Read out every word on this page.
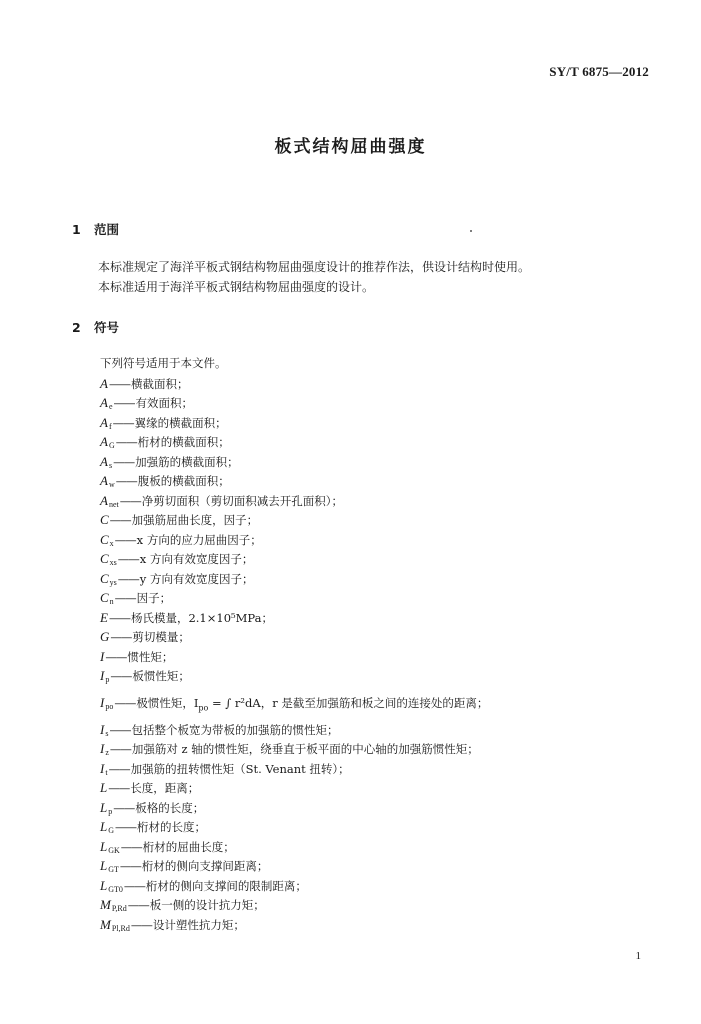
SY/T 6875—2012
板式结构屈曲强度
1 范围
本标准规定了海洋平板式钢结构物屈曲强度设计的推荐作法，供设计结构时使用。
本标准适用于海洋平板式钢结构物屈曲强度的设计。
2 符号
下列符号适用于本文件。
A——横截面积；
$A_e——$有效面积；
$A_f——$翼缘的横截面积；
$A_G——$桁材的横截面积；
$A_s——$加强筋的横截面积；
$A_w——$腹板的横截面积；
$A_{net}——$净剪切面积（剪切面积减去开孔面积）；
C——加强筋屈曲长度，因子；
$C_x——x$ 方向的应力屈曲因子；
$C_{xs}——x$ 方向有效宽度因子；
$C_{ys}——y$ 方向有效宽度因子；
$C_n——$因子；
E——杨氏模量，2.1×10⁵MPa；
G——剪切模量；
I——惯性矩；
$I_p——$板惯性矩；
$I_{po}——$极惯性矩，$I_{po}$ = ∫ r²dA，r 是截至加强筋和板之间的连接处的距离；
$I_s——$包括整个板宽为带板的加强筋的惯性矩；
$I_z——$加强筋对 z 轴的惯性矩，绕垂直于板平面的中心轴的加强筋惯性矩；
$I_t——$加强筋的扭转惯性矩（St. Venant 扭转）；
L——长度，距离；
$L_p——$板格的长度；
$L_G——$桁材的长度；
$L_{GK}——$桁材的屈曲长度；
$L_{GT}——$桁材的侧向支撑间距离；
$L_{GT0}——$桁材的侧向支撑间的限制距离；
$M_{P,Rd}——$板一侧的设计抗力矩；
$M_{Pl,Rd}——$设计塑性抗力矩；
1
